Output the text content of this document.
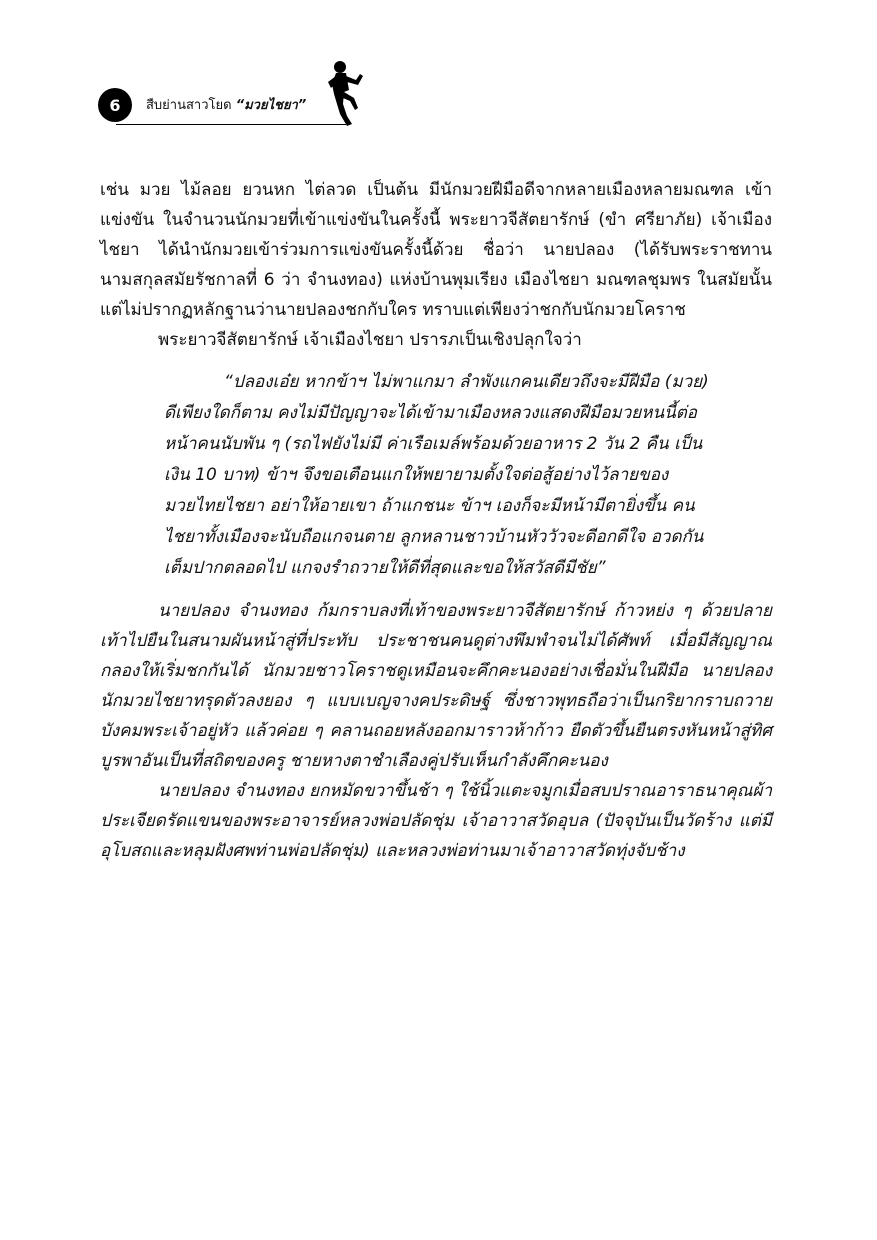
6	สืบย่านสาวโยด “มวยไชยา”

เช่น มวย ไม้ลอย ยวนหก ไต่ลวด เป็นต้น มีนักมวยฝีมือดีจากหลายเมืองหลายมณฑล เข้าแข่งขัน ในจำนวนนักมวยที่เข้าแข่งขันในครั้งนี้ พระยาวจีสัตยารักษ์ (ขำ ศรียาภัย) เจ้าเมืองไชยา ได้นำนักมวยเข้าร่วมการแข่งขันครั้งนี้ด้วย ชื่อว่า นายปลอง (ได้รับพระราชทานนามสกุลสมัยรัชกาลที่ 6 ว่า จำนงทอง) แห่งบ้านพุมเรียง เมืองไชยา มณฑลชุมพร ในสมัยนั้น แต่ไม่ปรากฏหลักฐานว่านายปลองชกกับใคร ทราบแต่เพียงว่าชกกับนักมวยโคราช

พระยาวจีสัตยารักษ์ เจ้าเมืองไชยา ปรารภเป็นเชิงปลุกใจว่า

“ปลองเอ๋ย หากข้าฯ ไม่พาแกมา ลำพังแกคนเดียวถึงจะมีฝีมือ (มวย) ดีเพียงใดก็ตาม คงไม่มีปัญญาจะได้เข้ามาเมืองหลวงแสดงฝีมือมวยหนนี้ต่อหน้าคนนับพัน ๆ (รถไฟยังไม่มี ค่าเรือเมล์พร้อมด้วยอาหาร 2 วัน 2 คืน เป็นเงิน 10 บาท) ข้าฯ จึงขอเตือนแกให้พยายามตั้งใจต่อสู้อย่างไว้ลายของมวยไทยไชยา อย่าให้อายเขา ถ้าแกชนะ ข้าฯ เองก็จะมีหน้ามีตายิ่งขึ้น คนไชยาทั้งเมืองจะนับถือแกจนตาย ลูกหลานชาวบ้านหัววัวจะดีอกดีใจ อวดกันเต็มปากตลอดไป แกจงรำถวายให้ดีที่สุดและขอให้สวัสดีมีชัย”

นายปลอง จำนงทอง ก้มกราบลงที่เท้าของพระยาวจีสัตยารักษ์ ก้าวหย่ง ๆ ด้วยปลายเท้าไปยืนในสนามผันหน้าสู่ที่ประทับ ประชาชนคนดูต่างพึมพำจนไม่ได้ศัพท์ เมื่อมีสัญญาณกลองให้เริ่มชกกันได้ นักมวยชาวโคราชดูเหมือนจะคึกคะนองอย่างเชื่อมั่นในฝีมือ นายปลองนักมวยไชยาทรุดตัวลงยอง ๆ แบบเบญจางคประดิษฐ์ ซึ่งชาวพุทธถือว่าเป็นกริยากราบถวายบังคมพระเจ้าอยู่หัว แล้วค่อย ๆ คลานถอยหลังออกมาราวห้าก้าว ยืดตัวขึ้นยืนตรงหันหน้าสู่ทิศบูรพาอันเป็นที่สถิตของครู ชายหางตาชำเลืองคู่ปรับเห็นกำลังคึกคะนอง

นายปลอง จำนงทอง ยกหมัดขวาขึ้นช้า ๆ ใช้นิ้วแตะจมูกเมื่อสบปราณอาราธนาคุณผ้าประเจียดรัดแขนของพระอาจารย์หลวงพ่อปลัดชุ่ม เจ้าอาวาสวัดอุบล (ปัจจุบันเป็นวัดร้าง แต่มีอุโบสถและหลุมฝังศพท่านพ่อปลัดชุ่ม) และหลวงพ่อท่านมาเจ้าอาวาสวัดทุ่งจับช้าง
